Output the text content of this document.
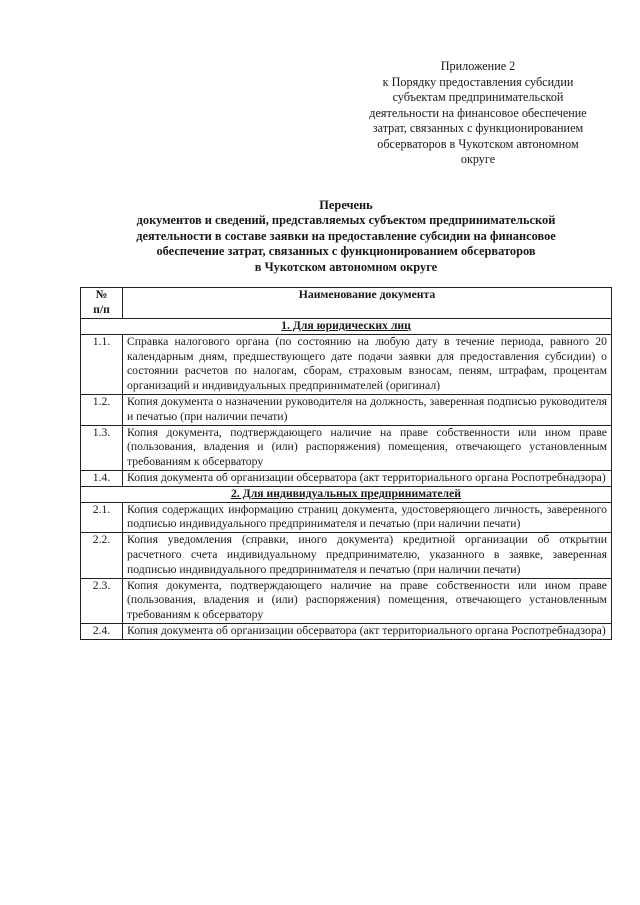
Приложение 2
к Порядку предоставления субсидии
субъектам предпринимательской
деятельности на финансовое обеспечение
затрат, связанных с функционированием
обсерваторов в Чукотском автономном
округе
Перечень
документов и сведений, представляемых субъектом предпринимательской
деятельности в составе заявки на предоставление субсидии на финансовое
обеспечение затрат, связанных с функционированием обсерваторов
в Чукотском автономном округе
№
п/п	Наименование документа
1. Для юридических лиц	
1.1.	Справка налогового органа (по состоянию на любую дату в течение периода, равного 20 календарным дням, предшествующего дате подачи заявки для предоставления субсидии) о состоянии расчетов по налогам, сборам, страховым взносам, пеням, штрафам, процентам организаций и индивидуальных предпринимателей (оригинал)
1.2.	Копия документа о назначении руководителя на должность, заверенная подписью руководителя и печатью (при наличии печати)
1.3.	Копия документа, подтверждающего наличие на праве собственности или ином праве (пользования, владения и (или) распоряжения) помещения, отвечающего установленным требованиям к обсерватору
1.4.	Копия документа об организации обсерватора (акт территориального органа Роспотребнадзора)
2. Для индивидуальных предпринимателей	
2.1.	Копия содержащих информацию страниц документа, удостоверяющего личность, заверенного подписью индивидуального предпринимателя и печатью (при наличии печати)
2.2.	Копия уведомления (справки, иного документа) кредитной организации об открытии расчетного счета индивидуальному предпринимателю, указанного в заявке, заверенная подписью индивидуального предпринимателя и печатью (при наличии печати)
2.3.	Копия документа, подтверждающего наличие на праве собственности или ином праве (пользования, владения и (или) распоряжения) помещения, отвечающего установленным требованиям к обсерватору
2.4.	Копия документа об организации обсерватора (акт территориального органа Роспотребнадзора)
